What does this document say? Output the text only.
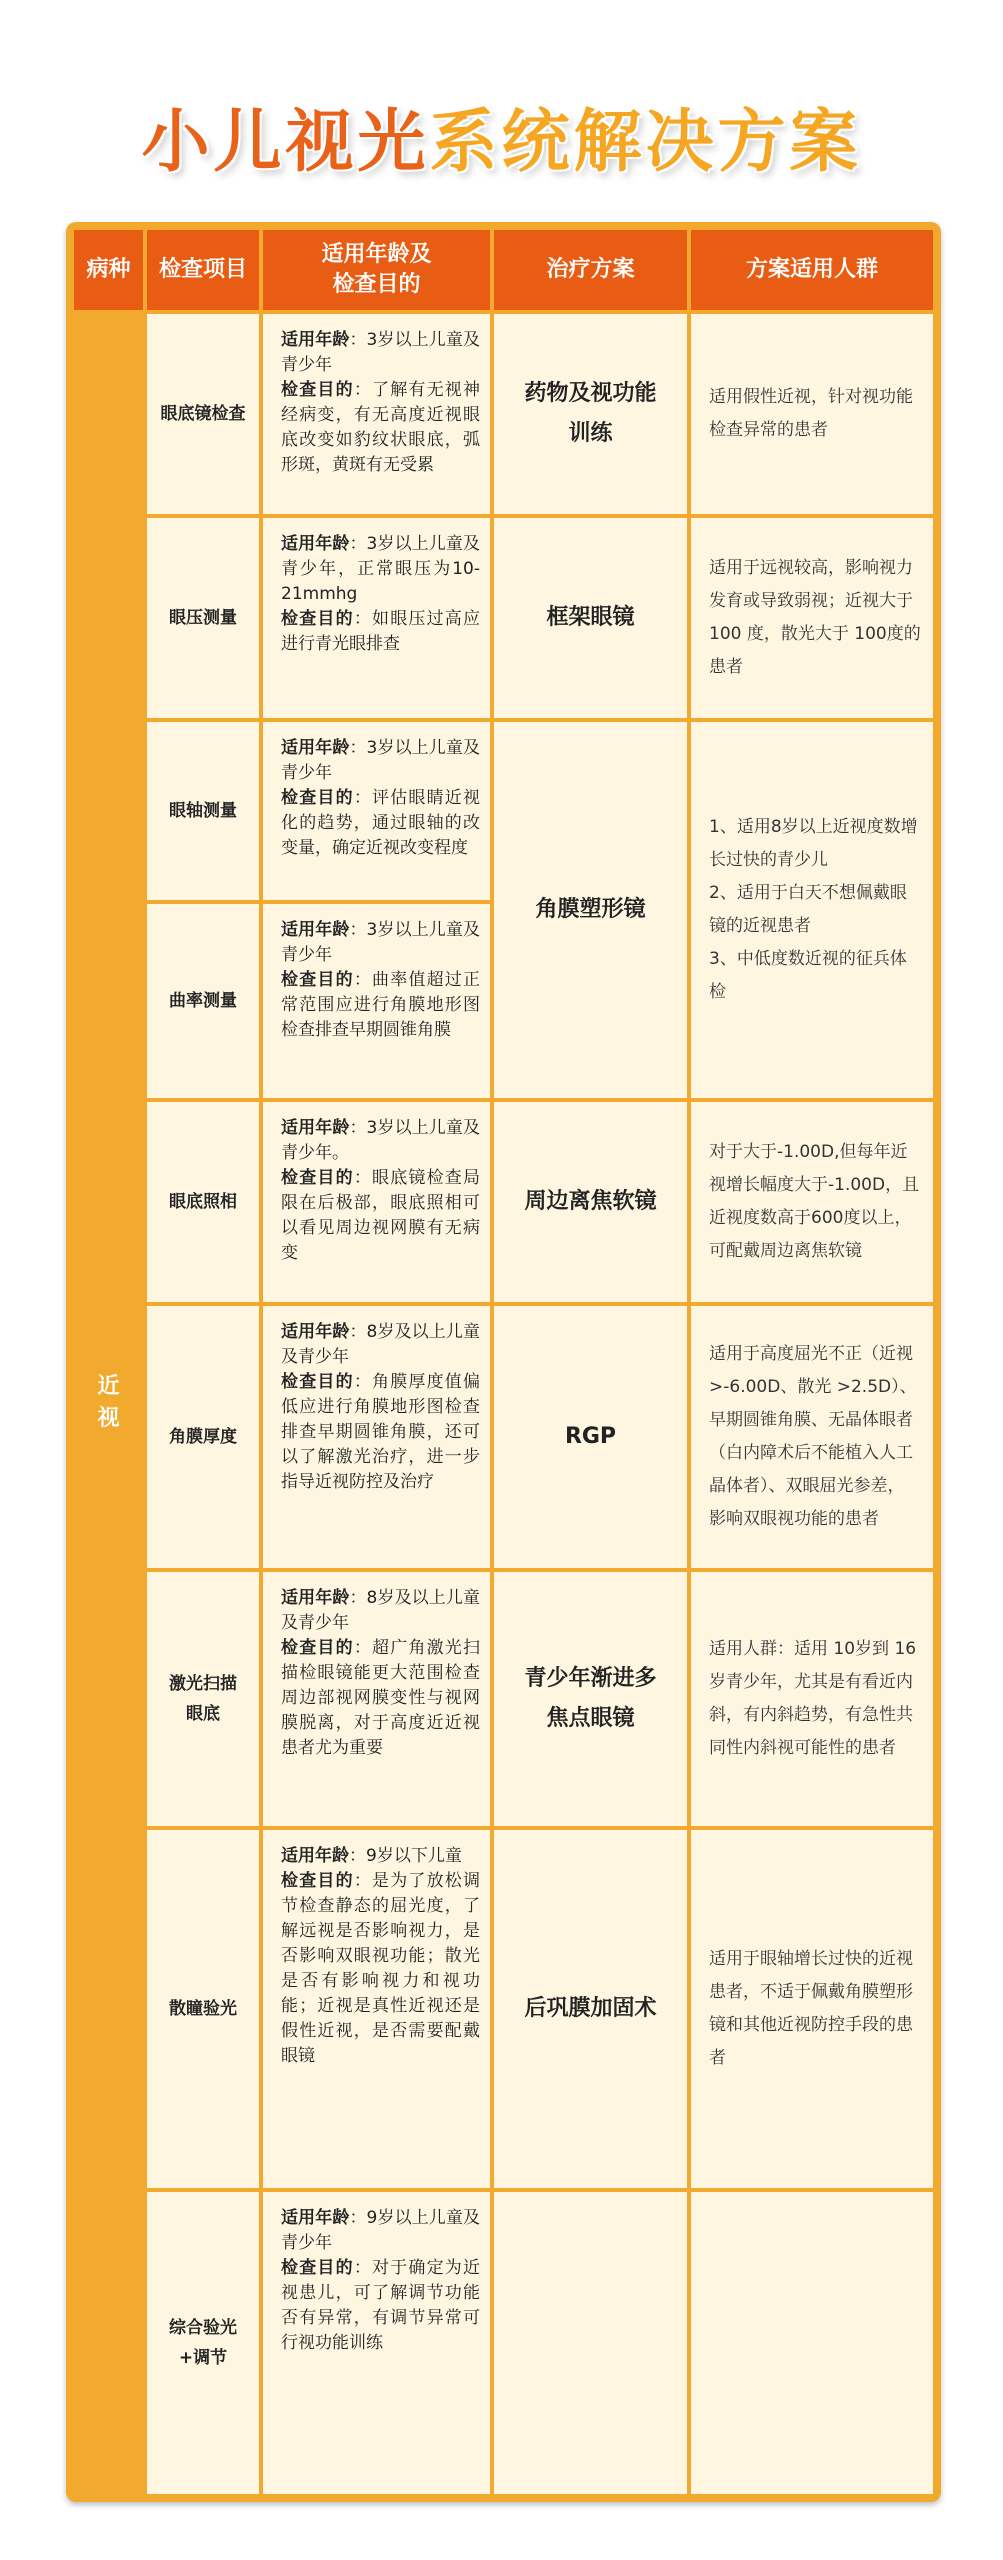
小儿视光系统解决方案
病种	检查项目
适用年龄及
检查目的
治疗方案	方案适用人群
近
视
眼底镜检查
适用年龄：3岁以上儿童及青少年
检查目的：了解有无视神经病变，有无高度近视眼底改变如豹纹状眼底，弧形斑，黄斑有无受累
眼压测量
适用年龄：3岁以上儿童及青少年，正常眼压为10-21mmhg
检查目的：如眼压过高应进行青光眼排查
眼轴测量
适用年龄：3岁以上儿童及青少年
检查目的：评估眼睛近视化的趋势，通过眼轴的改变量，确定近视改变程度
曲率测量
适用年龄：3岁以上儿童及青少年
检查目的：曲率值超过正常范围应进行角膜地形图检查排查早期圆锥角膜
眼底照相
适用年龄：3岁以上儿童及青少年。
检查目的：眼底镜检查局限在后极部，眼底照相可以看见周边视网膜有无病变
角膜厚度
适用年龄：8岁及以上儿童及青少年
检查目的：角膜厚度值偏低应进行角膜地形图检查排查早期圆锥角膜，还可以了解激光治疗，进一步指导近视防控及治疗
激光扫描
眼底
适用年龄：8岁及以上儿童及青少年
检查目的：超广角激光扫描检眼镜能更大范围检查周边部视网膜变性与视网膜脱离，对于高度近近视患者尤为重要
散瞳验光
适用年龄：9岁以下儿童
检查目的：是为了放松调节检查静态的屈光度，了解远视是否影响视力，是否影响双眼视功能；散光是否有影响视力和视功能；近视是真性近视还是假性近视，是否需要配戴眼镜
综合验光
+调节
适用年龄：9岁以上儿童及青少年
检查目的：对于确定为近视患儿，可了解调节功能否有异常，有调节异常可行视功能训练
药物及视功能
训练

适用假性近视，针对视功能检查异常的患者

框架眼镜

适用于远视较高，影响视力发育或导致弱视；近视大于 100 度，散光大于 100度的患者

角膜塑形镜

1、适用8岁以上近视度数增长过快的青少儿

2、适用于白天不想佩戴眼镜的近视患者

3、中低度数近视的征兵体检

周边离焦软镜

对于大于-1.00D,但每年近视增长幅度大于-1.00D，且近视度数高于600度以上，可配戴周边离焦软镜

RGP

适用于高度屈光不正（近视 >-6.00D、散光 >2.5D）、早期圆锥角膜、无晶体眼者（白内障术后不能植入人工晶体者）、双眼屈光参差，影响双眼视功能的患者

青少年渐进多
焦点眼镜

适用人群：适用 10岁到 16 岁青少年，尤其是有看近内斜，有内斜趋势，有急性共同性内斜视可能性的患者

后巩膜加固术

适用于眼轴增长过快的近视患者，不适于佩戴角膜塑形镜和其他近视防控手段的患者
